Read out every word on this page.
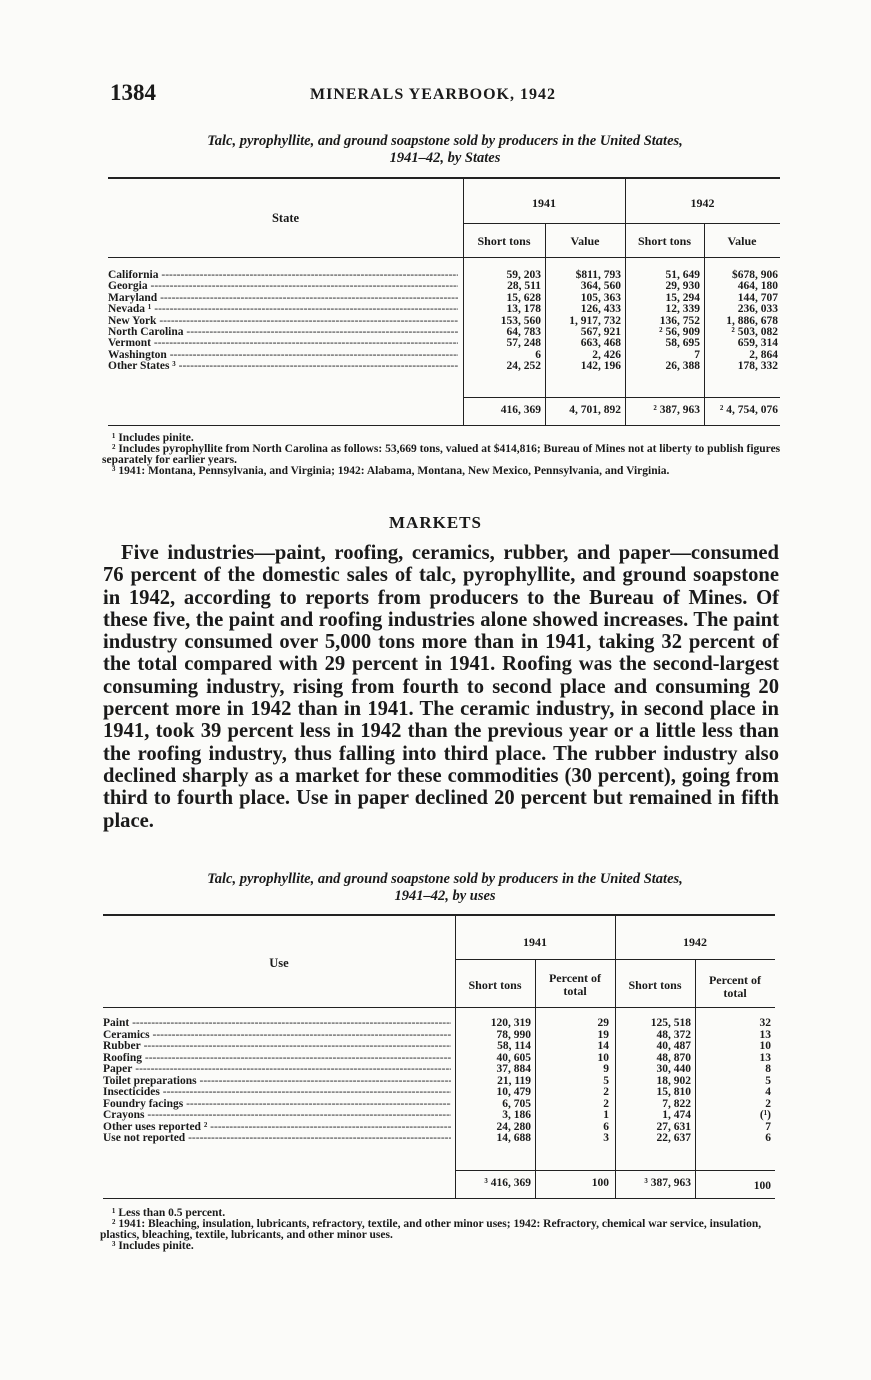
1384	MINERALS YEARBOOK, 1942
Talc, pyrophyllite, and ground soapstone sold by producers in the United States,
1941–42, by States
State
1941	1942
Short tons	Value	Short tons	Value
California -----	59, 203	$811, 793	51, 649	$678, 906
Georgia -----	28, 511	364, 560	29, 930	464, 180
Maryland -----	15, 628	105, 363	15, 294	144, 707
Nevada ¹ -----	13, 178	126, 433	12, 339	236, 033
New York -----	153, 560	1, 917, 732	136, 752	1, 886, 678
North Carolina -----	64, 783	567, 921	² 56, 909	² 503, 082
Vermont -----	57, 248	663, 468	58, 695	659, 314
Washington -----	6	2, 426	7	2, 864
Other States ³ -----	24, 252	142, 196	26, 388	178, 332
416, 369	4, 701, 892	² 387, 963	² 4, 754, 076
¹ Includes pinite.
² Includes pyrophyllite from North Carolina as follows: 53,669 tons, valued at $414,816; Bureau of Mines not at liberty to publish figures separately for earlier years.
³ 1941: Montana, Pennsylvania, and Virginia; 1942: Alabama, Montana, New Mexico, Pennsylvania, and Virginia.
MARKETS
Five industries—paint, roofing, ceramics, rubber, and paper—consumed 76 percent of the domestic sales of talc, pyrophyllite, and ground soapstone in 1942, according to reports from producers to the Bureau of Mines. Of these five, the paint and roofing industries alone showed increases. The paint industry consumed over 5,000 tons more than in 1941, taking 32 percent of the total compared with 29 percent in 1941. Roofing was the second-largest consuming industry, rising from fourth to second place and consuming 20 percent more in 1942 than in 1941. The ceramic industry, in second place in 1941, took 39 percent less in 1942 than the previous year or a little less than the roofing industry, thus falling into third place. The rubber industry also declined sharply as a market for these commodities (30 percent), going from third to fourth place. Use in paper declined 20 percent but remained in fifth place.
Talc, pyrophyllite, and ground soapstone sold by producers in the United States,
1941–42, by uses
Use
1941	1942
Short tons	Percent of total	Short tons	Percent of total
Paint -----	120, 319	29	125, 518	32
Ceramics -----	78, 990	19	48, 372	13
Rubber -----	58, 114	14	40, 487	10
Roofing -----	40, 605	10	48, 870	13
Paper -----	37, 884	9	30, 440	8
Toilet preparations -----	21, 119	5	18, 902	5
Insecticides -----	10, 479	2	15, 810	4
Foundry facings -----	6, 705	2	7, 822	2
Crayons -----	3, 186	1	1, 474	(¹)
Other uses reported ² -----	24, 280	6	27, 631	7
Use not reported -----	14, 688	3	22, 637	6
³ 416, 369	100	³ 387, 963	100
¹ Less than 0.5 percent.
² 1941: Bleaching, insulation, lubricants, refractory, textile, and other minor uses; 1942: Refractory, chemical war service, insulation, plastics, bleaching, textile, lubricants, and other minor uses.
³ Includes pinite.
